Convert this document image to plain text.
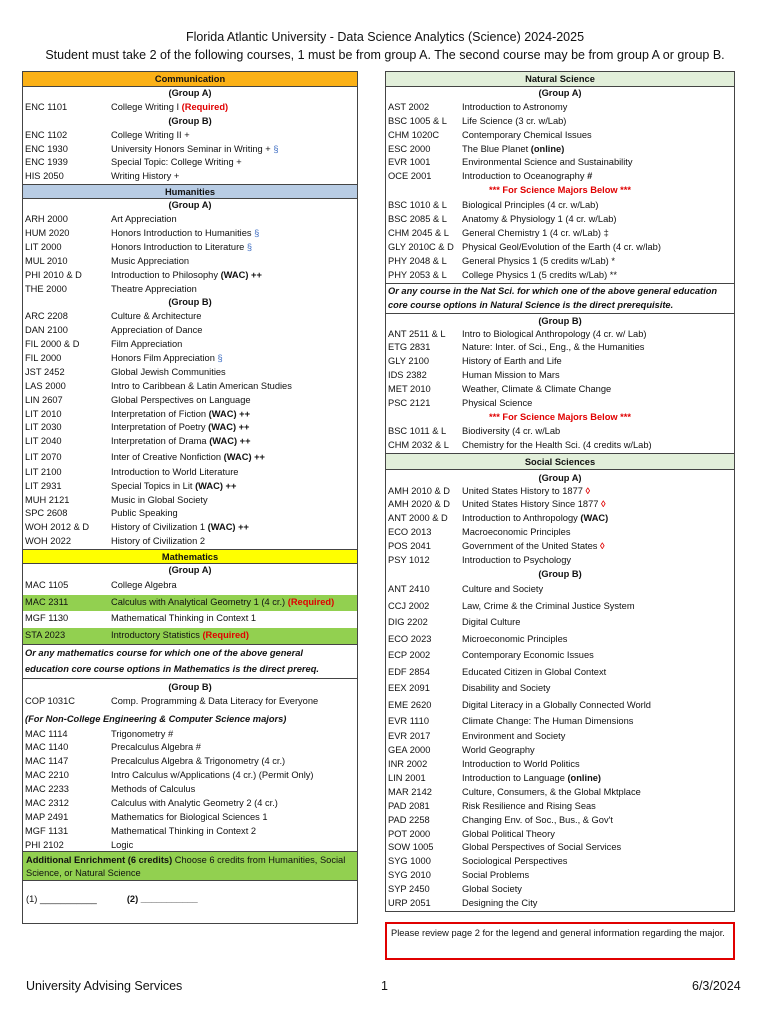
Florida Atlantic University - Data Science Analytics (Science) 2024-2025
Student must take 2 of the following courses, 1 must be from group A. The second course may be from group A or group B.
Communication
(Group A)
ENC 1101	College Writing I (Required)
(Group B)
ENC 1102	College Writing II +
ENC 1930	University Honors Seminar in Writing + §
ENC 1939	Special Topic: College Writing +
HIS 2050	Writing History +
Humanities
(Group A)
ARH 2000	Art Appreciation
HUM 2020	Honors Introduction to Humanities §
LIT 2000	Honors Introduction to Literature §
MUL 2010	Music Appreciation
PHI 2010 & D	Introduction to Philosophy (WAC) ++
THE 2000	Theatre Appreciation
(Group B)
ARC 2208	Culture & Architecture
DAN 2100	Appreciation of Dance
FIL 2000 & D	Film Appreciation
FIL 2000	Honors Film Appreciation §
JST 2452	Global Jewish Communities
LAS 2000	Intro to Caribbean & Latin American Studies
LIN 2607	Global Perspectives on Language
LIT 2010	Interpretation of Fiction (WAC) ++
LIT 2030	Interpretation of Poetry (WAC) ++
LIT 2040	Interpretation of Drama (WAC) ++
LIT 2070	Inter of Creative Nonfiction (WAC) ++
LIT 2100	Introduction to World Literature
LIT 2931	Special Topics in Lit (WAC) ++
MUH 2121	Music in Global Society
SPC 2608	Public Speaking
WOH 2012 & D	History of Civilization 1 (WAC) ++
WOH 2022	History of Civilization 2
Mathematics
(Group A)
MAC 1105	College Algebra
MAC 2311	Calculus with Analytical Geometry 1 (4 cr.) (Required)
MGF 1130	Mathematical Thinking in Context 1
STA 2023	Introductory Statistics (Required)
Or any mathematics course for which one of the above general
education core course options in Mathematics is the direct prereq.
(Group B)
COP 1031C	Comp. Programming & Data Literacy for Everyone
(For Non-College Engineering & Computer Science majors)
MAC 1114	Trigonometry #
MAC 1140	Precalculus Algebra #
MAC 1147	Precalculus Algebra & Trigonometry (4 cr.)
MAC 2210	Intro Calculus w/Applications (4 cr.) (Permit Only)
MAC 2233	Methods of Calculus
MAC 2312	Calculus with Analytic Geometry 2 (4 cr.)
MAP 2491	Mathematics for Biological Sciences 1
MGF 1131	Mathematical Thinking in Context 2
PHI 2102	Logic
Additional Enrichment (6 credits) Choose 6 credits from Humanities, Social Science, or Natural Science
(1) ___________	(2) ___________
Natural Science
(Group A)
AST 2002	Introduction to Astronomy
BSC 1005 & L	Life Science (3 cr. w/Lab)
CHM 1020C	Contemporary Chemical Issues
ESC 2000	The Blue Planet (online)
EVR 1001	Environmental Science and Sustainability
OCE 2001	Introduction to Oceanography #
*** For Science Majors Below ***
BSC 1010 & L	Biological Principles (4 cr. w/Lab)
BSC 2085 & L	Anatomy & Physiology 1 (4 cr. w/Lab)
CHM 2045 & L	General Chemistry 1 (4 cr. w/Lab) ‡
GLY 2010C & D Physical Geol/Evolution of the Earth (4 cr. w/lab)
PHY 2048 & L	General Physics 1 (5 credits w/Lab) *
PHY 2053 & L	College Physics 1 (5 credits w/Lab) **
Or any course in the Nat Sci. for which one of the above general education
core course options in Natural Science is the direct prerequisite.
(Group B)
ANT 2511 & L	Intro to Biological Anthropology (4 cr. w/ Lab)
ETG 2831	Nature: Inter. of Sci., Eng., & the Humanities
GLY 2100	History of Earth and Life
IDS 2382	Human Mission to Mars
MET 2010	Weather, Climate & Climate Change
PSC 2121	Physical Science
*** For Science Majors Below ***
BSC 1011 & L	Biodiversity (4 cr. w/Lab
CHM 2032 & L	Chemistry for the Health Sci. (4 credits w/Lab)
Social Sciences
(Group A)
AMH 2010 & D	United States History to 1877 ◊
AMH 2020 & D	United States History Since 1877 ◊
ANT 2000 & D	Introduction to Anthropology (WAC)
ECO 2013	Macroeconomic Principles
POS 2041	Government of the United States ◊
PSY 1012	Introduction to Psychology
(Group B)
ANT 2410	Culture and Society
CCJ 2002	Law, Crime & the Criminal Justice System
DIG 2202	Digital Culture
ECO 2023	Microeconomic Principles
ECP 2002	Contemporary Economic Issues
EDF 2854	Educated Citizen in Global Context
EEX 2091	Disability and Society
EME 2620	Digital Literacy in a Globally Connected World
EVR 1110	Climate Change: The Human Dimensions
EVR 2017	Environment and Society
GEA 2000	World Geography
INR 2002	Introduction to World Politics
LIN 2001	Introduction to Language (online)
MAR 2142	Culture, Consumers, & the Global Mktplace
PAD 2081	Risk Resilience and Rising Seas
PAD 2258	Changing Env. of Soc., Bus., & Gov't
POT 2000	Global Political Theory
SOW 1005	Global Perspectives of Social Services
SYG 1000	Sociological Perspectives
SYG 2010	Social Problems
SYP 2450	Global Society
URP 2051	Designing the City
Please review page 2 for the legend and general information regarding the major.
University Advising Services	1	6/3/2024
